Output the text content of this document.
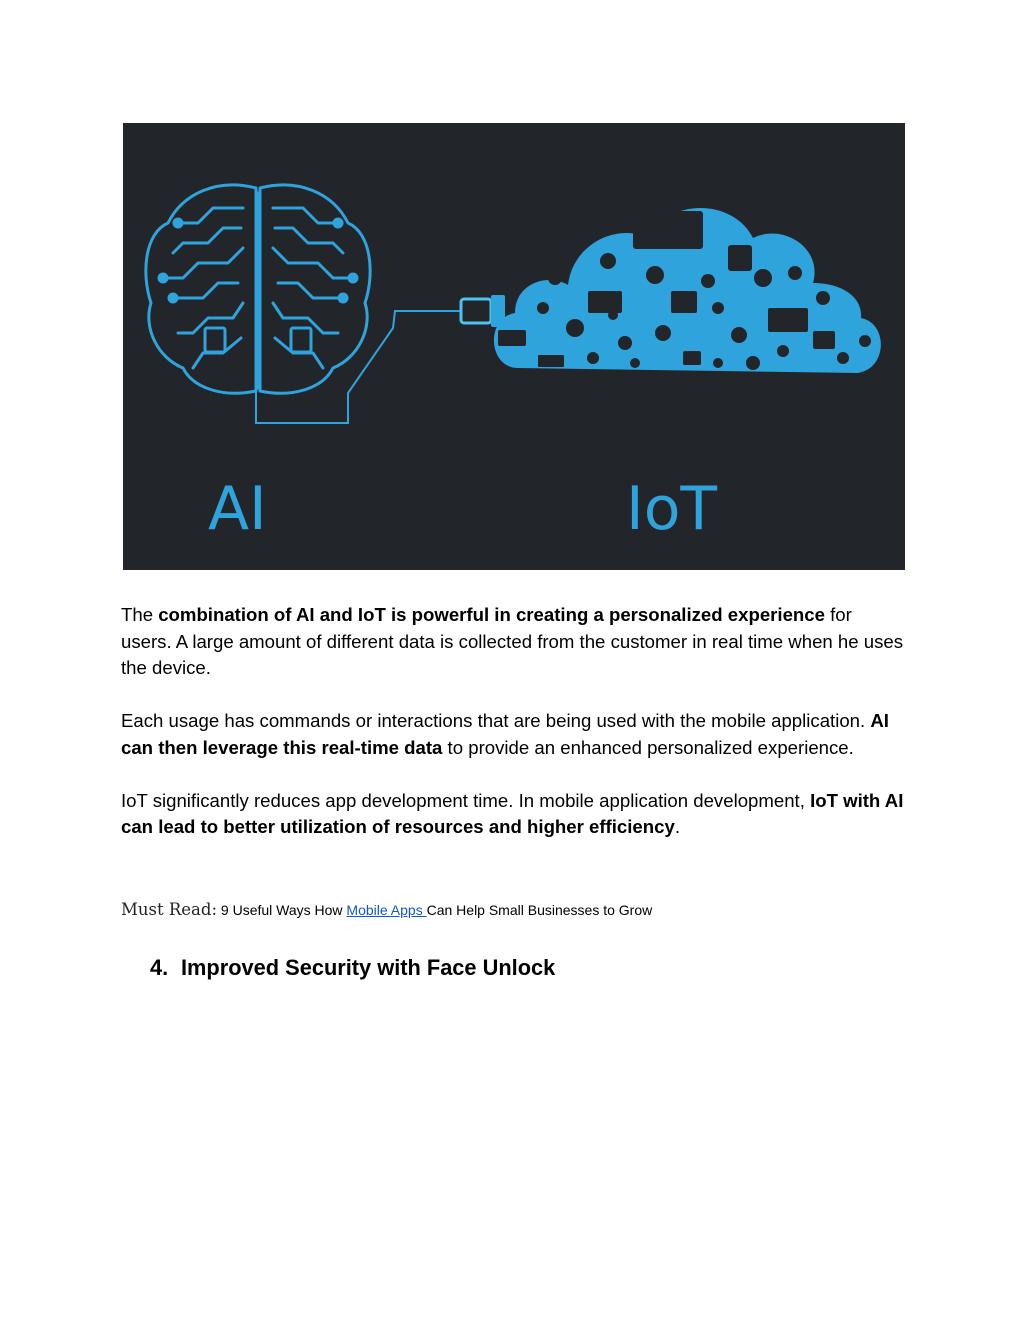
AI	IoT

The combination of AI and IoT is powerful in creating a personalized experience for users. A large amount of different data is collected from the customer in real time when he uses the device.

Each usage has commands or interactions that are being used with the mobile application. AI can then leverage this real-time data to provide an enhanced personalized experience.

IoT significantly reduces app development time. In mobile application development, IoT with AI can lead to better utilization of resources and higher efficiency.

Must Read: 9 Useful Ways How Mobile Apps Can Help Small Businesses to Grow
4. Improved Security with Face Unlock
